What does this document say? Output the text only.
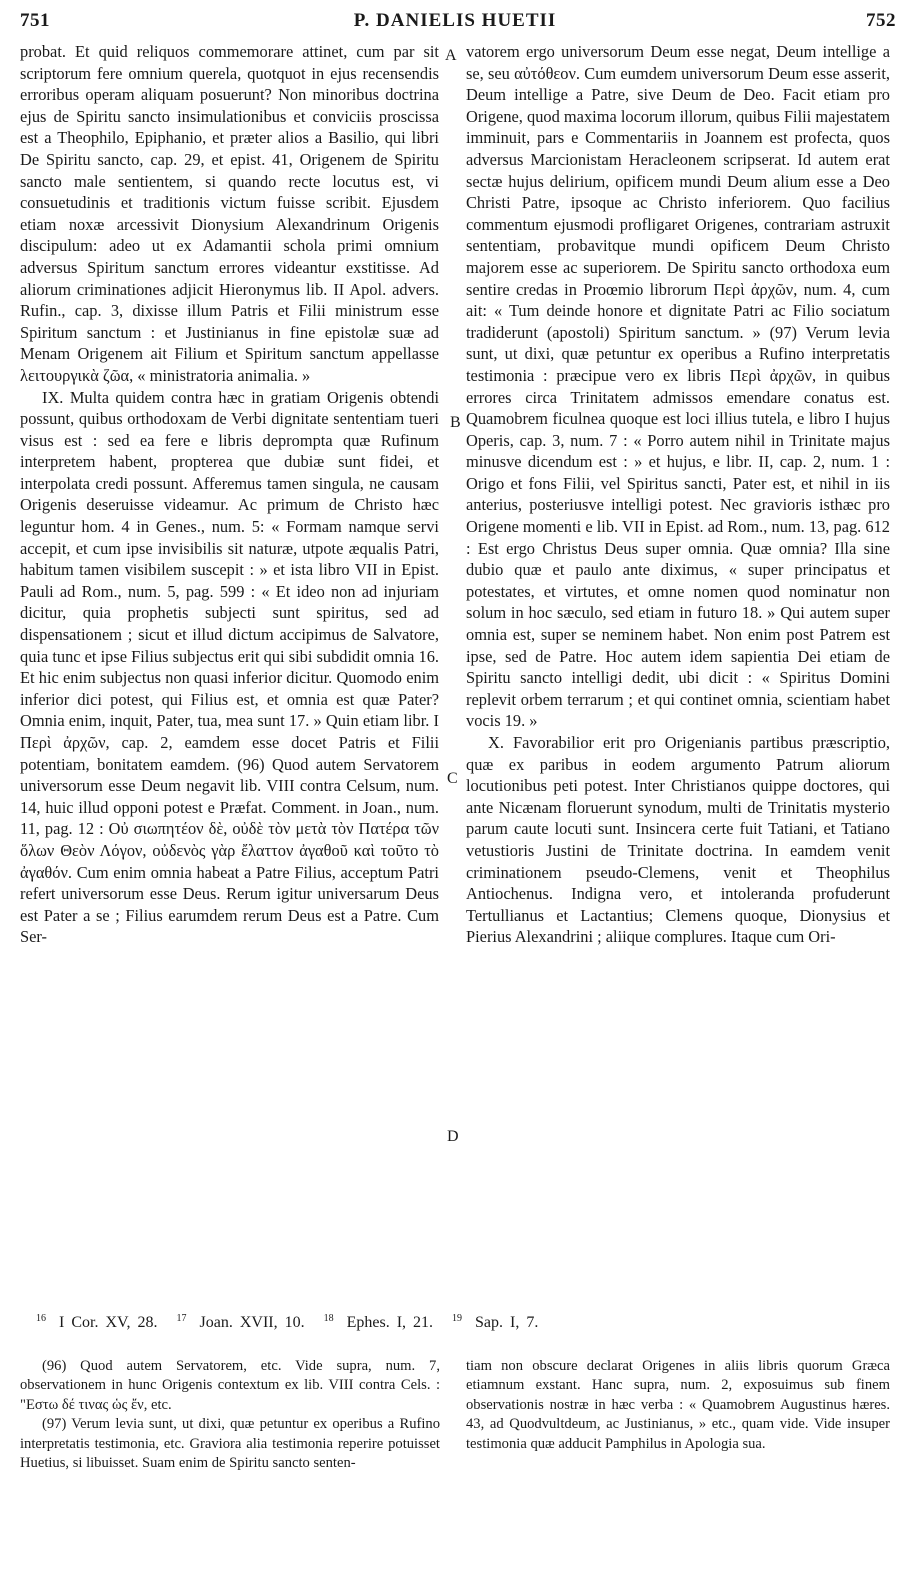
751	P. DANIELIS HUETII	752
A
B
C
D

probat. Et quid reliquos commemorare attinet, cum par sit scriptorum fere omnium querela, quotquot in ejus recensendis erroribus operam aliquam posuerunt? Non minoribus doctrina ejus de Spiritu sancto insimulationibus et conviciis proscissa est a Theophilo, Epiphanio, et præter alios a Basilio, qui libri De Spiritu sancto, cap. 29, et epist. 41, Origenem de Spiritu sancto male sentientem, si quando recte locutus est, vi consuetudinis et traditionis victum fuisse scribit. Ejusdem etiam noxæ arcessivit Dionysium Alexandrinum Origenis discipulum: adeo ut ex Adamantii schola primi omnium adversus Spiritum sanctum errores videantur exstitisse. Ad aliorum criminationes adjicit Hieronymus lib. II Apol. advers. Rufin., cap. 3, dixisse illum Patris et Filii ministrum esse Spiritum sanctum : et Justinianus in fine epistolæ suæ ad Menam Origenem ait Filium et Spiritum sanctum appellasse λειτουργικὰ ζῶα, « ministratoria animalia. »

IX. Multa quidem contra hæc in gratiam Origenis obtendi possunt, quibus orthodoxam de Verbi dignitate sententiam tueri visus est : sed ea fere e libris deprompta quæ Rufinum interpretem habent, propterea que dubiæ sunt fidei, et interpolata credi possunt. Afferemus tamen singula, ne causam Origenis deseruisse videamur. Ac primum de Christo hæc leguntur hom. 4 in Genes., num. 5: « Formam namque servi accepit, et cum ipse invisibilis sit naturæ, utpote æqualis Patri, habitum tamen visibilem suscepit : » et ista libro VII in Epist. Pauli ad Rom., num. 5, pag. 599 : « Et ideo non ad injuriam dicitur, quia prophetis subjecti sunt spiritus, sed ad dispensationem ; sicut et illud dictum accipimus de Salvatore, quia tunc et ipse Filius subjectus erit qui sibi subdidit omnia 16. Et hic enim subjectus non quasi inferior dicitur. Quomodo enim inferior dici potest, qui Filius est, et omnia est quæ Pater? Omnia enim, inquit, Pater, tua, mea sunt 17. » Quin etiam libr. I Περὶ ἀρχῶν, cap. 2, eamdem esse docet Patris et Filii potentiam, bonitatem eamdem. (96) Quod autem Servatorem universorum esse Deum negavit lib. VIII contra Celsum, num. 14, huic illud opponi potest e Præfat. Comment. in Joan., num. 11, pag. 12 : Οὐ σιωπητέον δὲ, οὐδὲ τὸν μετὰ τὸν Πατέρα τῶν ὅλων Θεὸν Λόγον, οὐδενὸς γὰρ ἔλαττον ἀγαθοῦ καὶ τοῦτο τὸ ἀγαθόν. Cum enim omnia habeat a Patre Filius, acceptum Patri refert universorum esse Deus. Rerum igitur universarum Deus est Pater a se ; Filius earumdem rerum Deus est a Patre. Cum Ser-

vatorem ergo universorum Deum esse negat, Deum intellige a se, seu αὐτόθεον. Cum eumdem universorum Deum esse asserit, Deum intellige a Patre, sive Deum de Deo. Facit etiam pro Origene, quod maxima locorum illorum, quibus Filii majestatem imminuit, pars e Commentariis in Joannem est profecta, quos adversus Marcionistam Heracleonem scripserat. Id autem erat sectæ hujus delirium, opificem mundi Deum alium esse a Deo Christi Patre, ipsoque ac Christo inferiorem. Quo facilius commentum ejusmodi profligaret Origenes, contrariam astruxit sententiam, probavitque mundi opificem Deum Christo majorem esse ac superiorem. De Spiritu sancto orthodoxa eum sentire credas in Proœmio librorum Περὶ ἀρχῶν, num. 4, cum ait: « Tum deinde honore et dignitate Patri ac Filio sociatum tradiderunt (apostoli) Spiritum sanctum. » (97) Verum levia sunt, ut dixi, quæ petuntur ex operibus a Rufino interpretatis testimonia : præcipue vero ex libris Περὶ ἀρχῶν, in quibus errores circa Trinitatem admissos emendare conatus est. Quamobrem ficulnea quoque est loci illius tutela, e libro I hujus Operis, cap. 3, num. 7 : « Porro autem nihil in Trinitate majus minusve dicendum est : » et hujus, e libr. II, cap. 2, num. 1 : Origo et fons Filii, vel Spiritus sancti, Pater est, et nihil in iis anterius, posteriusve intelligi potest. Nec gravioris isthæc pro Origene momenti e lib. VII in Epist. ad Rom., num. 13, pag. 612 : Est ergo Christus Deus super omnia. Quæ omnia? Illa sine dubio quæ et paulo ante diximus, « super principatus et potestates, et virtutes, et omne nomen quod nominatur non solum in hoc sæculo, sed etiam in futuro 18. » Qui autem super omnia est, super se neminem habet. Non enim post Patrem est ipse, sed de Patre. Hoc autem idem sapientia Dei etiam de Spiritu sancto intelligi dedit, ubi dicit : « Spiritus Domini replevit orbem terrarum ; et qui continet omnia, scientiam habet vocis 19. »

X. Favorabilior erit pro Origenianis partibus præscriptio, quæ ex paribus in eodem argumento Patrum aliorum locutionibus peti potest. Inter Christianos quippe doctores, qui ante Nicænam floruerunt synodum, multi de Trinitatis mysterio parum caute locuti sunt. Insincera certe fuit Tatiani, et Tatiano vetustioris Justini de Trinitate doctrina. In eamdem venit criminationem pseudo-Clemens, venit et Theophilus Antiochenus. Indigna vero, et intoleranda profuderunt Tertullianus et Lactantius; Clemens quoque, Dionysius et Pierius Alexandrini ; aliique complures. Itaque cum Ori-

$^{16}$ I Cor. XV, 28. $^{17}$ Joan. XVII, 10. $^{18}$ Ephes. I, 21. $^{19}$ Sap. I, 7.

(96) Quod autem Servatorem, etc. Vide supra, num. 7, observationem in hunc Origenis contextum ex lib. VIII contra Cels. : "Εστω δέ τινας ὡς ἔν, etc.

(97) Verum levia sunt, ut dixi, quæ petuntur ex operibus a Rufino interpretatis testimonia, etc. Graviora alia testimonia reperire potuisset Huetius, si libuisset. Suam enim de Spiritu sancto senten-

tiam non obscure declarat Origenes in aliis libris quorum Græca etiamnum exstant. Hanc supra, num. 2, exposuimus sub finem observationis nostræ in hæc verba : « Quamobrem Augustinus hæres. 43, ad Quodvultdeum, ac Justinianus, » etc., quam vide. Vide insuper testimonia quæ adducit Pamphilus in Apologia sua.
